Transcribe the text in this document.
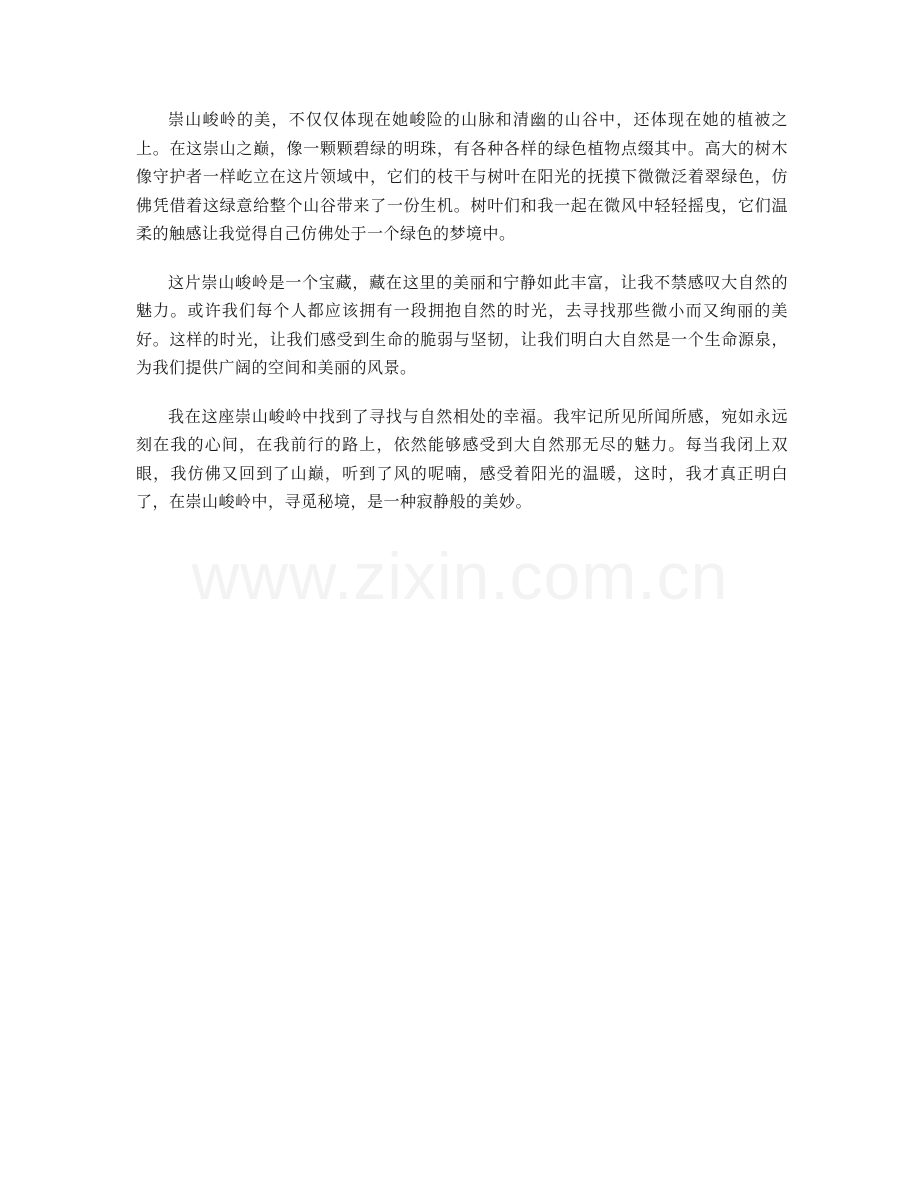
崇山峻岭的美，不仅仅体现在她峻险的山脉和清幽的山谷中，还体现在她的植被之上。在这崇山之巅，像一颗颗碧绿的明珠，有各种各样的绿色植物点缀其中。高大的树木像守护者一样屹立在这片领域中，它们的枝干与树叶在阳光的抚摸下微微泛着翠绿色，仿佛凭借着这绿意给整个山谷带来了一份生机。树叶们和我一起在微风中轻轻摇曳，它们温柔的触感让我觉得自己仿佛处于一个绿色的梦境中。

这片崇山峻岭是一个宝藏，藏在这里的美丽和宁静如此丰富，让我不禁感叹大自然的魅力。或许我们每个人都应该拥有一段拥抱自然的时光，去寻找那些微小而又绚丽的美好。这样的时光，让我们感受到生命的脆弱与坚韧，让我们明白大自然是一个生命源泉，为我们提供广阔的空间和美丽的风景。

我在这座崇山峻岭中找到了寻找与自然相处的幸福。我牢记所见所闻所感，宛如永远刻在我的心间，在我前行的路上，依然能够感受到大自然那无尽的魅力。每当我闭上双眼，我仿佛又回到了山巅，听到了风的呢喃，感受着阳光的温暖，这时，我才真正明白了，在崇山峻岭中，寻觅秘境，是一种寂静般的美妙。

www.zixin.com.cn
